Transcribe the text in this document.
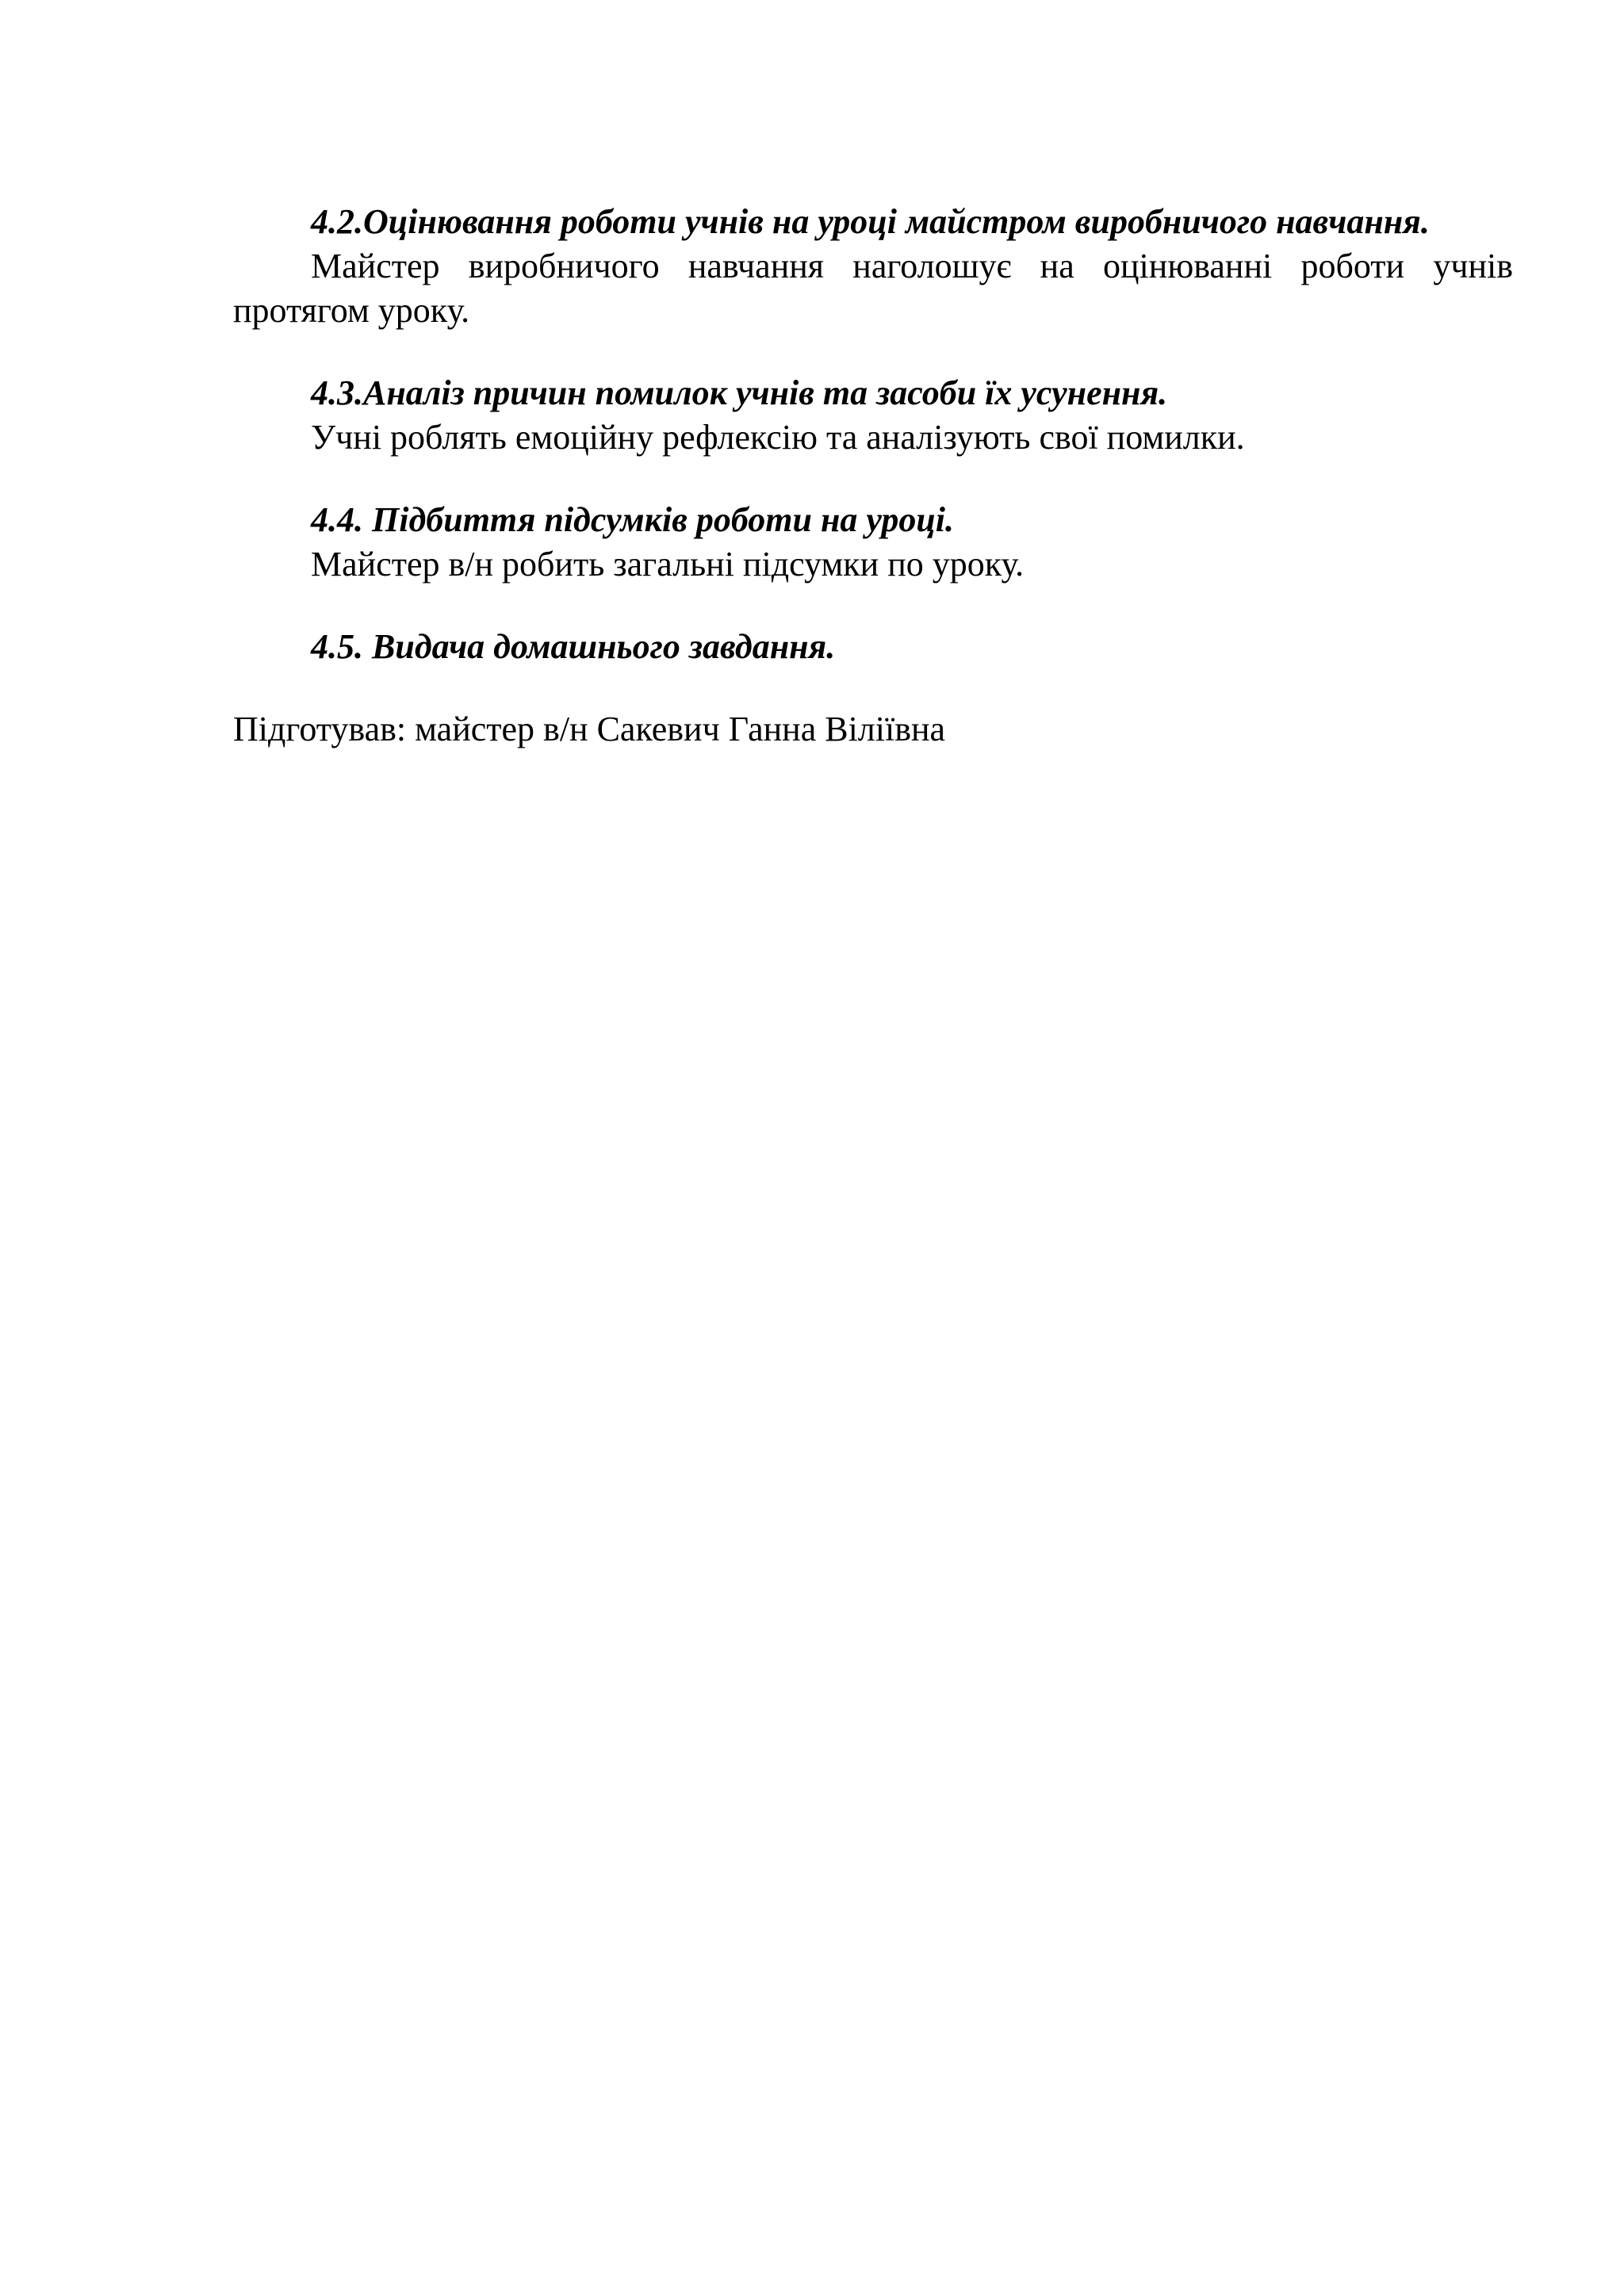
4.2.Оцінювання роботи учнів на уроці майстром виробничого навчання.

Майстер виробничого навчання наголошує на оцінюванні роботи учнів протягом уроку.

4.3.Аналіз причин помилок учнів та засоби їх усунення.

Учні роблять емоційну рефлексію та аналізують свої помилки.

4.4. Підбиття підсумків роботи на уроці.

Майстер в/н робить загальні підсумки по уроку.

4.5. Видача домашнього завдання.

Підготував: майстер в/н Сакевич Ганна Віліївна
